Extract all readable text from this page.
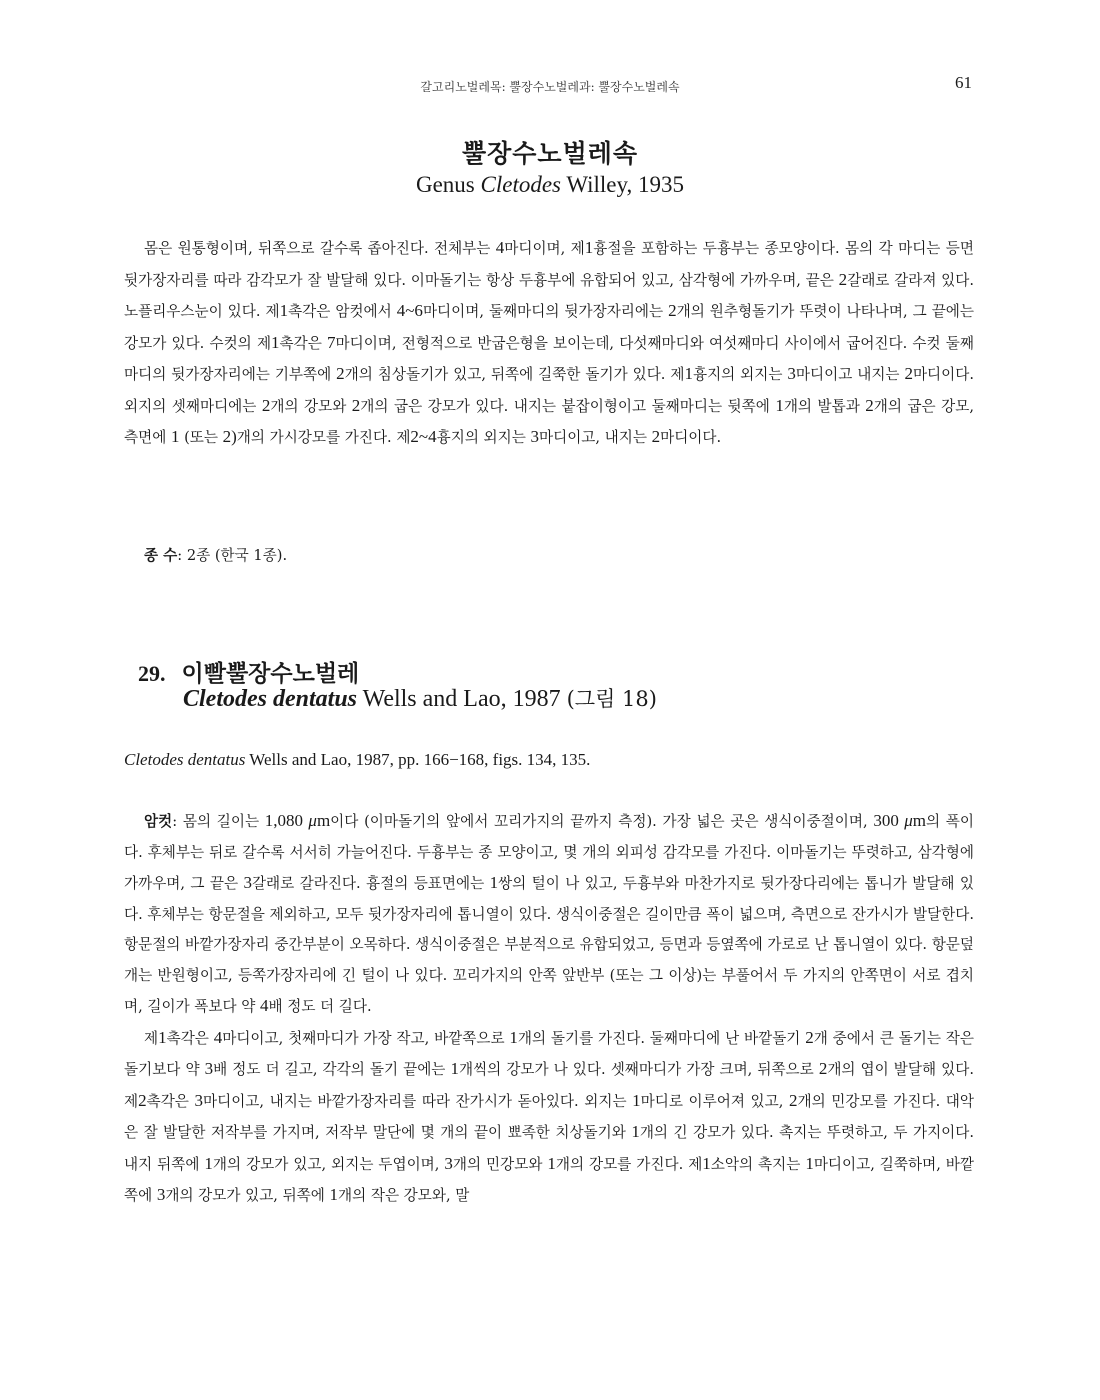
갈고리노벌레목: 뿔장수노벌레과: 뿔장수노벌레속	61
뿔장수노벌레속
Genus Cletodes Willey, 1935

몸은 원통형이며, 뒤쪽으로 갈수록 좁아진다. 전체부는 4마디이며, 제1흉절을 포함하는 두흉부는 종모양이다. 몸의 각 마디는 등면 뒷가장자리를 따라 감각모가 잘 발달해 있다. 이마돌기는 항상 두흉부에 유합되어 있고, 삼각형에 가까우며, 끝은 2갈래로 갈라져 있다. 노플리우스눈이 있다. 제1촉각은 암컷에서 4~6마디이며, 둘째마디의 뒷가장자리에는 2개의 원추형돌기가 뚜렷이 나타나며, 그 끝에는 강모가 있다. 수컷의 제1촉각은 7마디이며, 전형적으로 반굽은형을 보이는데, 다섯째마디와 여섯째마디 사이에서 굽어진다. 수컷 둘째마디의 뒷가장자리에는 기부쪽에 2개의 침상돌기가 있고, 뒤쪽에 길쭉한 돌기가 있다. 제1흉지의 외지는 3마디이고 내지는 2마디이다. 외지의 셋째마디에는 2개의 강모와 2개의 굽은 강모가 있다. 내지는 붙잡이형이고 둘째마디는 뒷쪽에 1개의 발톱과 2개의 굽은 강모, 측면에 1 (또는 2)개의 가시강모를 가진다. 제2~4흉지의 외지는 3마디이고, 내지는 2마디이다.

종 수: 2종 (한국 1종).
29. 이빨뿔장수노벌레
Cletodes dentatus Wells and Lao, 1987 (그림 18)
Cletodes dentatus Wells and Lao, 1987, pp. 166−168, figs. 134, 135.

암컷: 몸의 길이는 1,080 μm이다 (이마돌기의 앞에서 꼬리가지의 끝까지 측정). 가장 넓은 곳은 생식이중절이며, 300 μm의 폭이다. 후체부는 뒤로 갈수록 서서히 가늘어진다. 두흉부는 종 모양이고, 몇 개의 외피성 감각모를 가진다. 이마돌기는 뚜렷하고, 삼각형에 가까우며, 그 끝은 3갈래로 갈라진다. 흉절의 등표면에는 1쌍의 털이 나 있고, 두흉부와 마찬가지로 뒷가장다리에는 톱니가 발달해 있다. 후체부는 항문절을 제외하고, 모두 뒷가장자리에 톱니열이 있다. 생식이중절은 길이만큼 폭이 넓으며, 측면으로 잔가시가 발달한다. 항문절의 바깥가장자리 중간부분이 오목하다. 생식이중절은 부분적으로 유합되었고, 등면과 등옆쪽에 가로로 난 톱니열이 있다. 항문덮개는 반원형이고, 등쪽가장자리에 긴 털이 나 있다. 꼬리가지의 안쪽 앞반부 (또는 그 이상)는 부풀어서 두 가지의 안쪽면이 서로 겹치며, 길이가 폭보다 약 4배 정도 더 길다.

제1촉각은 4마디이고, 첫째마디가 가장 작고, 바깥쪽으로 1개의 돌기를 가진다. 둘째마디에 난 바깥돌기 2개 중에서 큰 돌기는 작은 돌기보다 약 3배 정도 더 길고, 각각의 돌기 끝에는 1개씩의 강모가 나 있다. 셋째마디가 가장 크며, 뒤쪽으로 2개의 엽이 발달해 있다. 제2촉각은 3마디이고, 내지는 바깥가장자리를 따라 잔가시가 돋아있다. 외지는 1마디로 이루어져 있고, 2개의 민강모를 가진다. 대악은 잘 발달한 저작부를 가지며, 저작부 말단에 몇 개의 끝이 뾰족한 치상돌기와 1개의 긴 강모가 있다. 촉지는 뚜렷하고, 두 가지이다. 내지 뒤쪽에 1개의 강모가 있고, 외지는 두엽이며, 3개의 민강모와 1개의 강모를 가진다. 제1소악의 촉지는 1마디이고, 길쭉하며, 바깥쪽에 3개의 강모가 있고, 뒤쪽에 1개의 작은 강모와, 말
